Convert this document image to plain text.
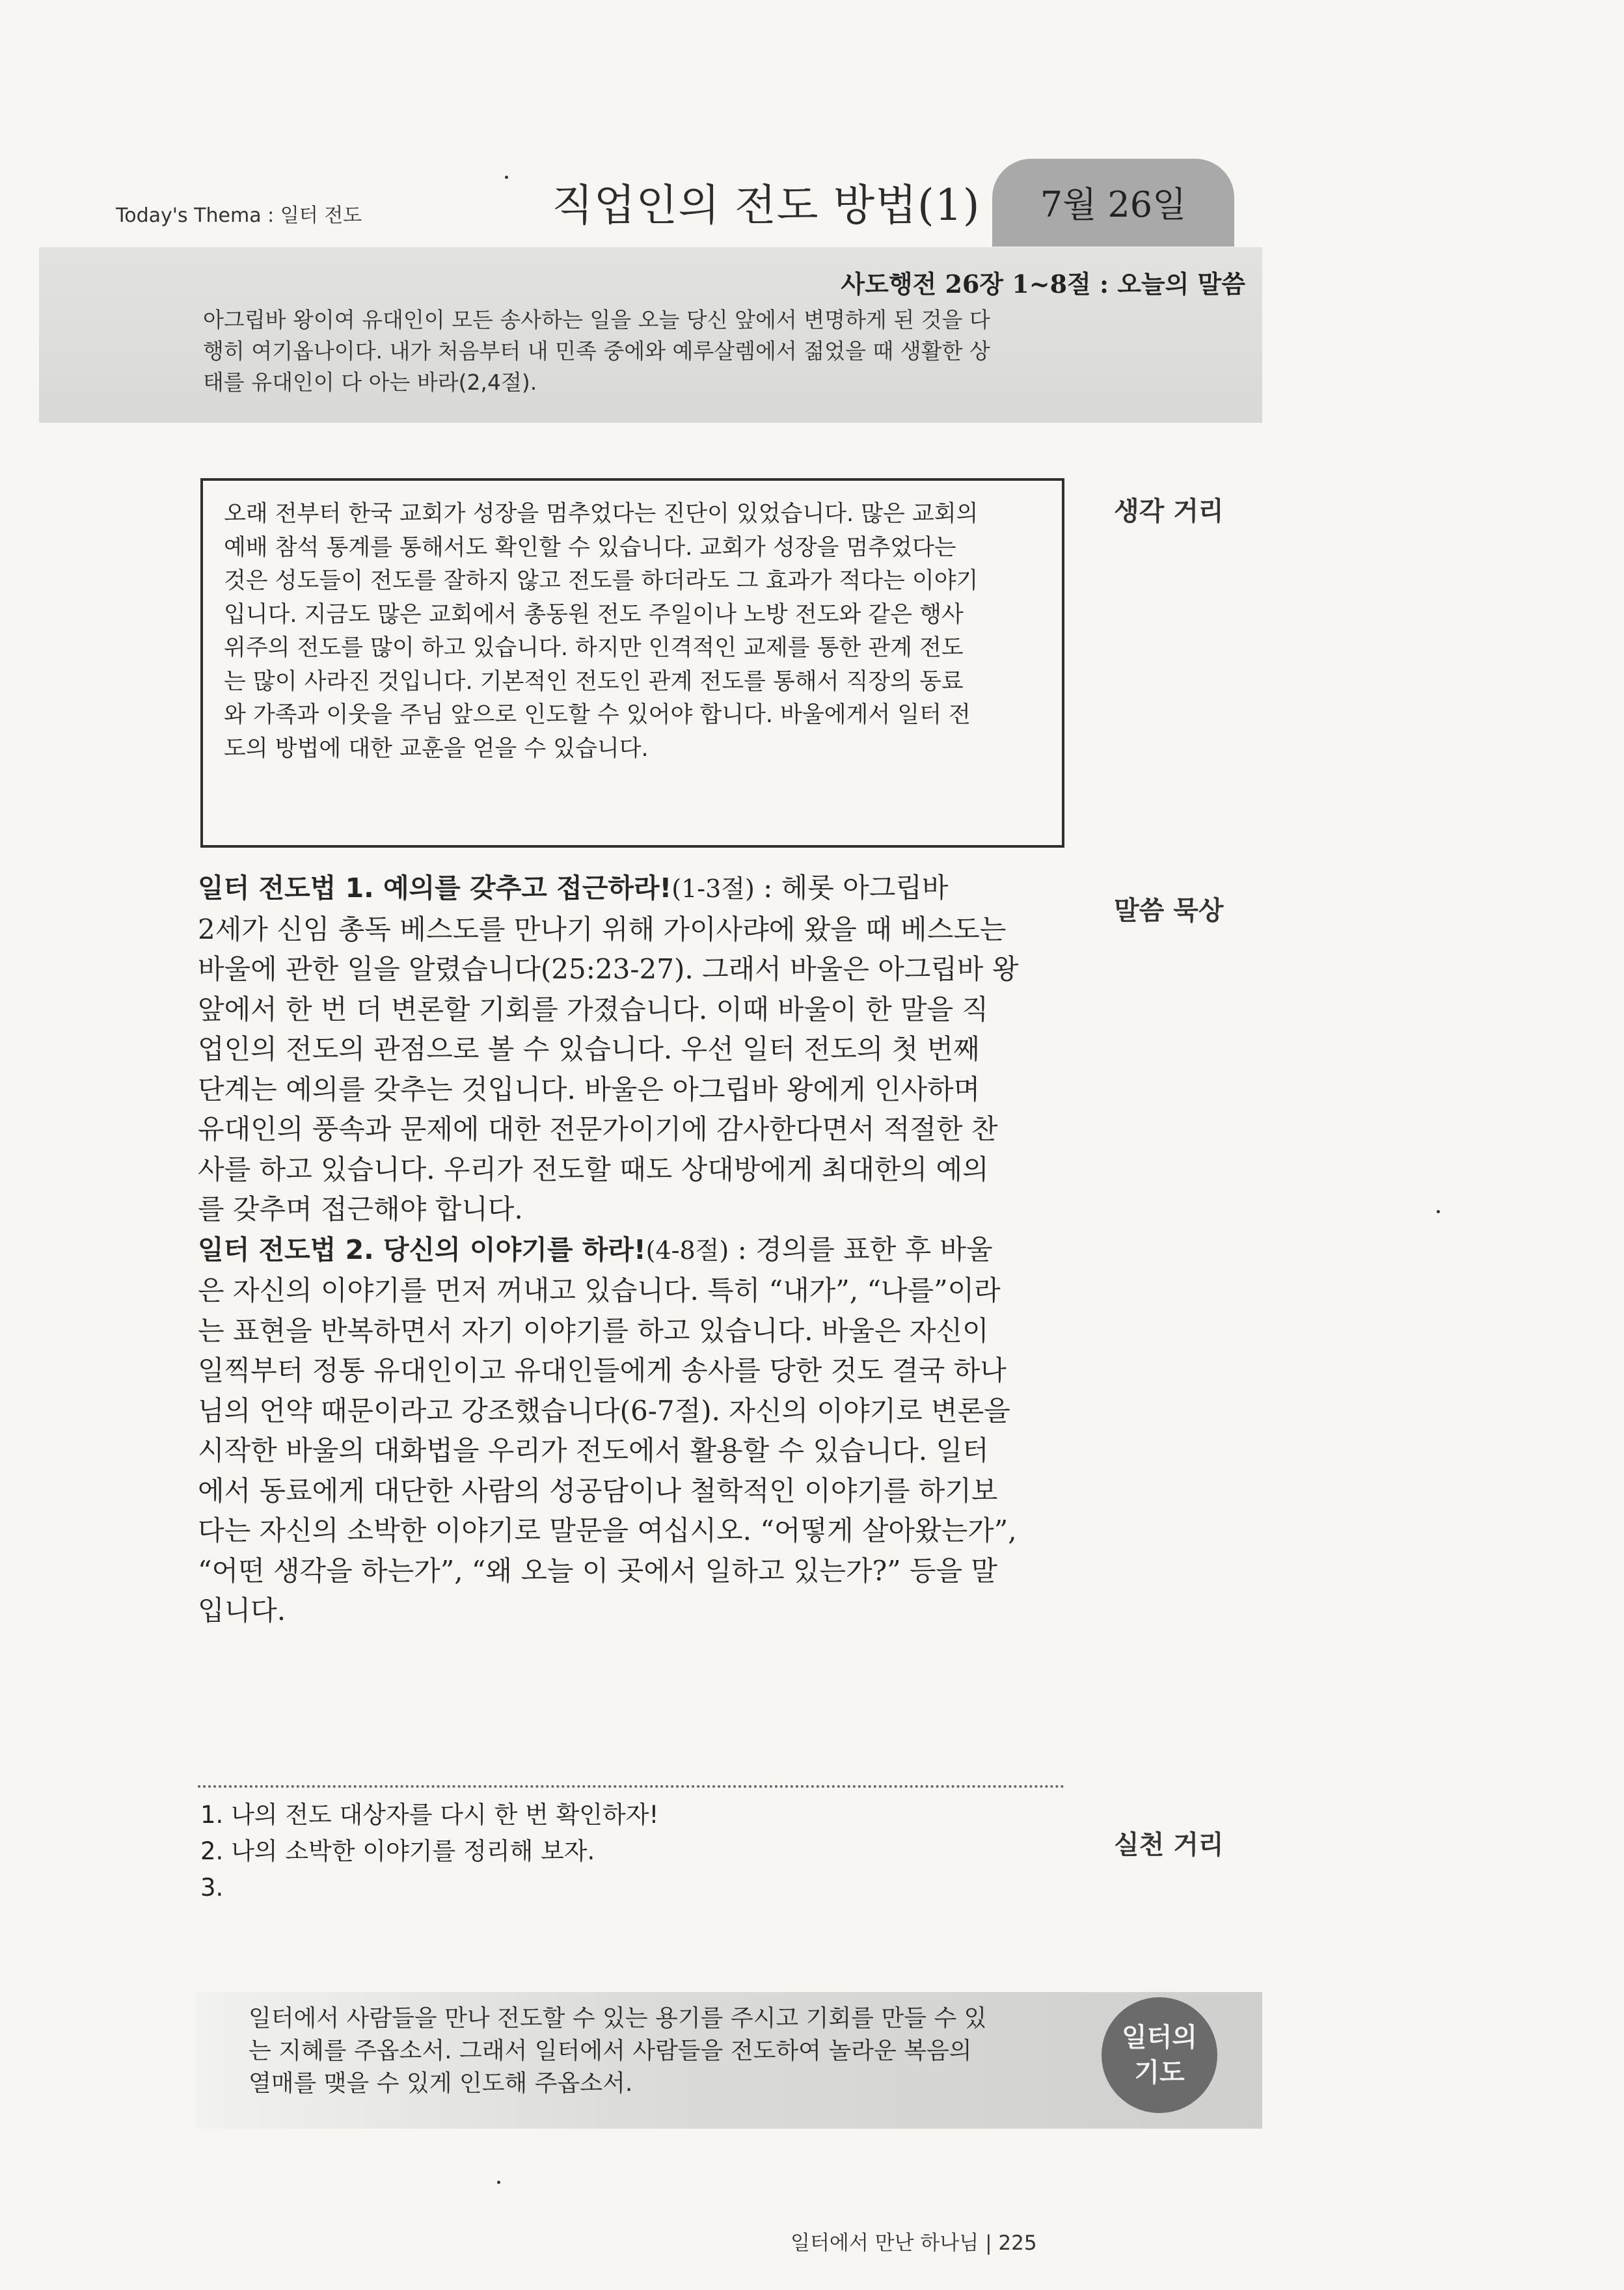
Today's Thema : 일터 전도	직업인의 전도 방법(1)	7월 26일
사도행전 26장 1~8절 : 오늘의 말씀
아그립바 왕이여 유대인이 모든 송사하는 일을 오늘 당신 앞에서 변명하게 된 것을 다
행히 여기옵나이다. 내가 처음부터 내 민족 중에와 예루살렘에서 젊었을 때 생활한 상
태를 유대인이 다 아는 바라(2,4절).
생각 거리
말씀 묵상
실천 거리
오래 전부터 한국 교회가 성장을 멈추었다는 진단이 있었습니다. 많은 교회의
예배 참석 통계를 통해서도 확인할 수 있습니다. 교회가 성장을 멈추었다는
것은 성도들이 전도를 잘하지 않고 전도를 하더라도 그 효과가 적다는 이야기
입니다. 지금도 많은 교회에서 총동원 전도 주일이나 노방 전도와 같은 행사
위주의 전도를 많이 하고 있습니다. 하지만 인격적인 교제를 통한 관계 전도
는 많이 사라진 것입니다. 기본적인 전도인 관계 전도를 통해서 직장의 동료
와 가족과 이웃을 주님 앞으로 인도할 수 있어야 합니다. 바울에게서 일터 전
도의 방법에 대한 교훈을 얻을 수 있습니다.
일터 전도법 1. 예의를 갖추고 접근하라!(1-3절) : 헤롯 아그립바
2세가 신임 총독 베스도를 만나기 위해 가이사랴에 왔을 때 베스도는
바울에 관한 일을 알렸습니다(25:23-27). 그래서 바울은 아그립바 왕
앞에서 한 번 더 변론할 기회를 가졌습니다. 이때 바울이 한 말을 직
업인의 전도의 관점으로 볼 수 있습니다. 우선 일터 전도의 첫 번째
단계는 예의를 갖추는 것입니다. 바울은 아그립바 왕에게 인사하며
유대인의 풍속과 문제에 대한 전문가이기에 감사한다면서 적절한 찬
사를 하고 있습니다. 우리가 전도할 때도 상대방에게 최대한의 예의
를 갖추며 접근해야 합니다.
일터 전도법 2. 당신의 이야기를 하라!(4-8절) : 경의를 표한 후 바울
은 자신의 이야기를 먼저 꺼내고 있습니다. 특히 “내가”, “나를”이라
는 표현을 반복하면서 자기 이야기를 하고 있습니다. 바울은 자신이
일찍부터 정통 유대인이고 유대인들에게 송사를 당한 것도 결국 하나
님의 언약 때문이라고 강조했습니다(6-7절). 자신의 이야기로 변론을
시작한 바울의 대화법을 우리가 전도에서 활용할 수 있습니다. 일터
에서 동료에게 대단한 사람의 성공담이나 철학적인 이야기를 하기보
다는 자신의 소박한 이야기로 말문을 여십시오. “어떻게 살아왔는가”,
“어떤 생각을 하는가”, “왜 오늘 이 곳에서 일하고 있는가?” 등을 말
입니다.
1. 나의 전도 대상자를 다시 한 번 확인하자!
2. 나의 소박한 이야기를 정리해 보자.
3.
일터에서 사람들을 만나 전도할 수 있는 용기를 주시고 기회를 만들 수 있
는 지혜를 주옵소서. 그래서 일터에서 사람들을 전도하여 놀라운 복음의
열매를 맺을 수 있게 인도해 주옵소서.
일터의
기도
일터에서 만난 하나님 | 225
